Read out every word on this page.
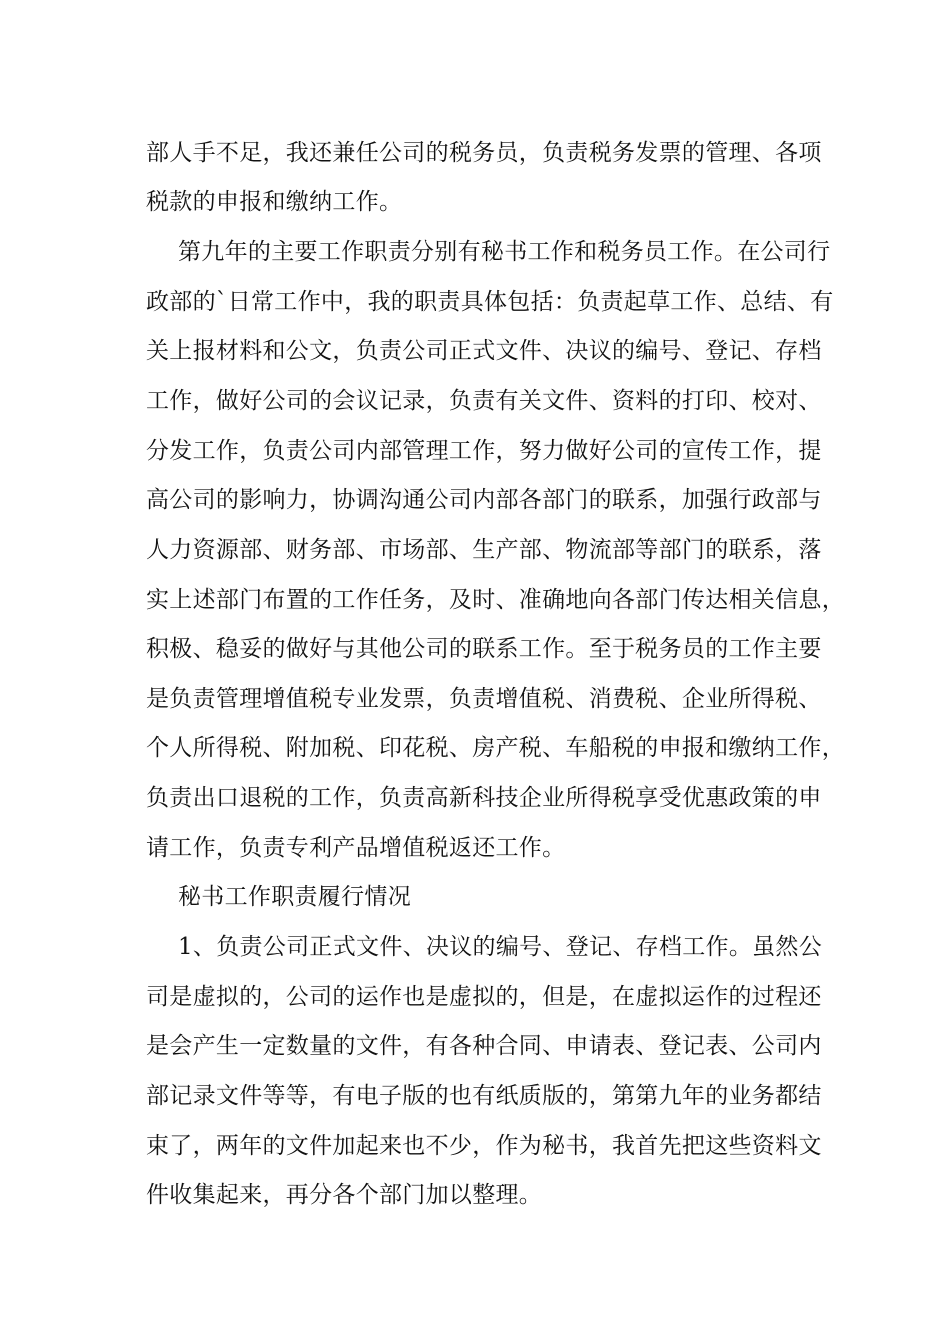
部人手不足，我还兼任公司的税务员，负责税务发票的管理、各项
税款的申报和缴纳工作。
第九年的主要工作职责分别有秘书工作和税务员工作。在公司行
政部的`日常工作中，我的职责具体包括：负责起草工作、总结、有
关上报材料和公文，负责公司正式文件、决议的编号、登记、存档
工作，做好公司的会议记录，负责有关文件、资料的打印、校对、
分发工作，负责公司内部管理工作，努力做好公司的宣传工作，提
高公司的影响力，协调沟通公司内部各部门的联系，加强行政部与
人力资源部、财务部、市场部、生产部、物流部等部门的联系，落
实上述部门布置的工作任务，及时、准确地向各部门传达相关信息，
积极、稳妥的做好与其他公司的联系工作。至于税务员的工作主要
是负责管理增值税专业发票，负责增值税、消费税、企业所得税、
个人所得税、附加税、印花税、房产税、车船税的申报和缴纳工作，
负责出口退税的工作，负责高新科技企业所得税享受优惠政策的申
请工作，负责专利产品增值税返还工作。
秘书工作职责履行情况
1、负责公司正式文件、决议的编号、登记、存档工作。虽然公
司是虚拟的，公司的运作也是虚拟的，但是，在虚拟运作的过程还
是会产生一定数量的文件，有各种合同、申请表、登记表、公司内
部记录文件等等，有电子版的也有纸质版的，第第九年的业务都结
束了，两年的文件加起来也不少，作为秘书，我首先把这些资料文
件收集起来，再分各个部门加以整理。
